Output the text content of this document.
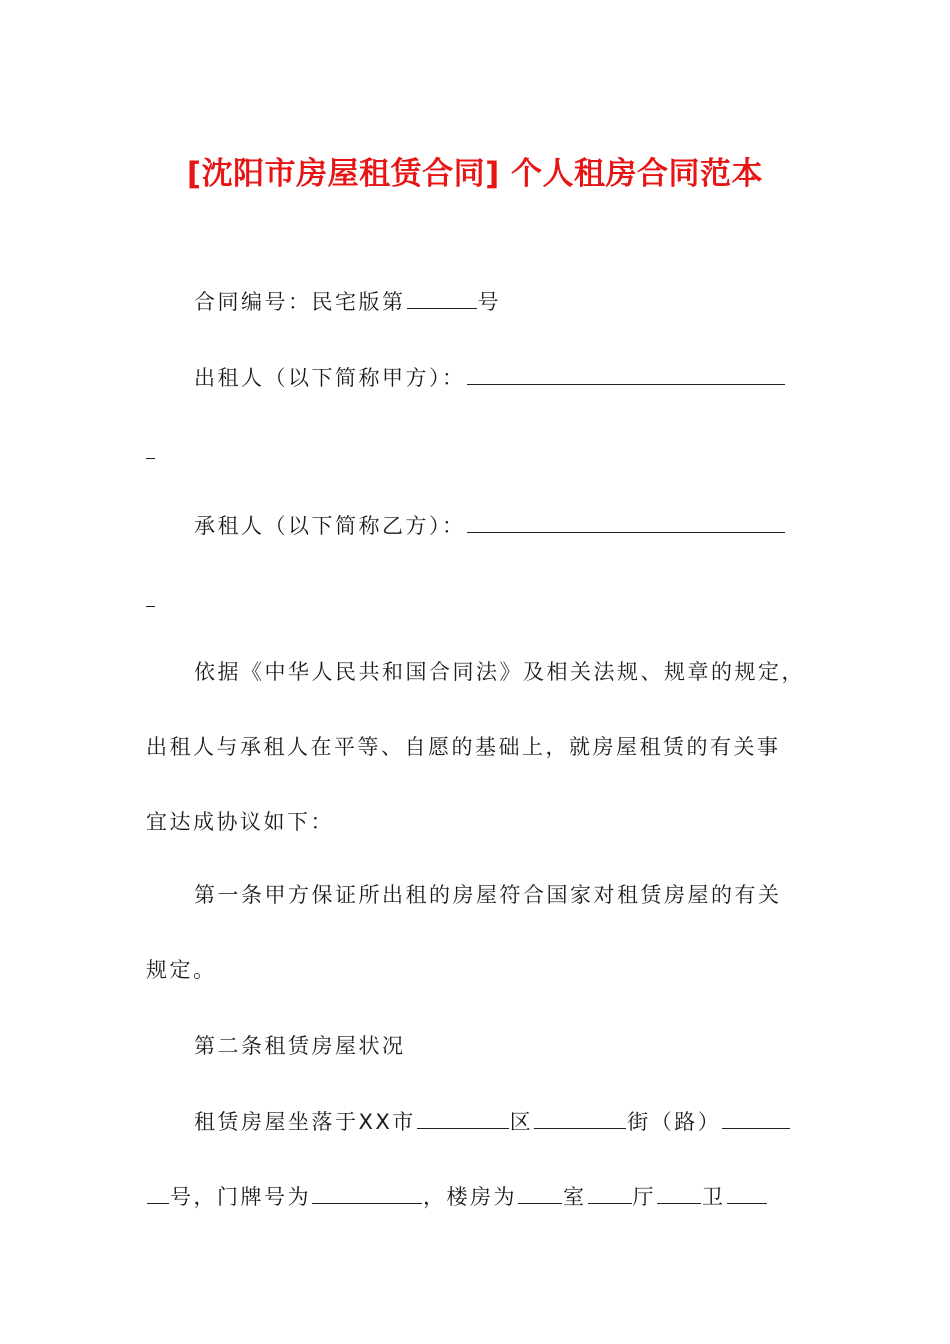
[沈阳市房屋租赁合同] 个人租房合同范本
合同编号：民宅版第	号
出租人（以下简称甲方）：
承租人（以下简称乙方）：
依据《中华人民共和国合同法》及相关法规、规章的规定，
出租人与承租人在平等、自愿的基础上，就房屋租赁的有关事
宜达成协议如下：
第一条甲方保证所出租的房屋符合国家对租赁房屋的有关
规定。
第二条租赁房屋状况
租赁房屋坐落于XX市	区	街（路）
号，门牌号为	，楼房为 室 厅 卫
